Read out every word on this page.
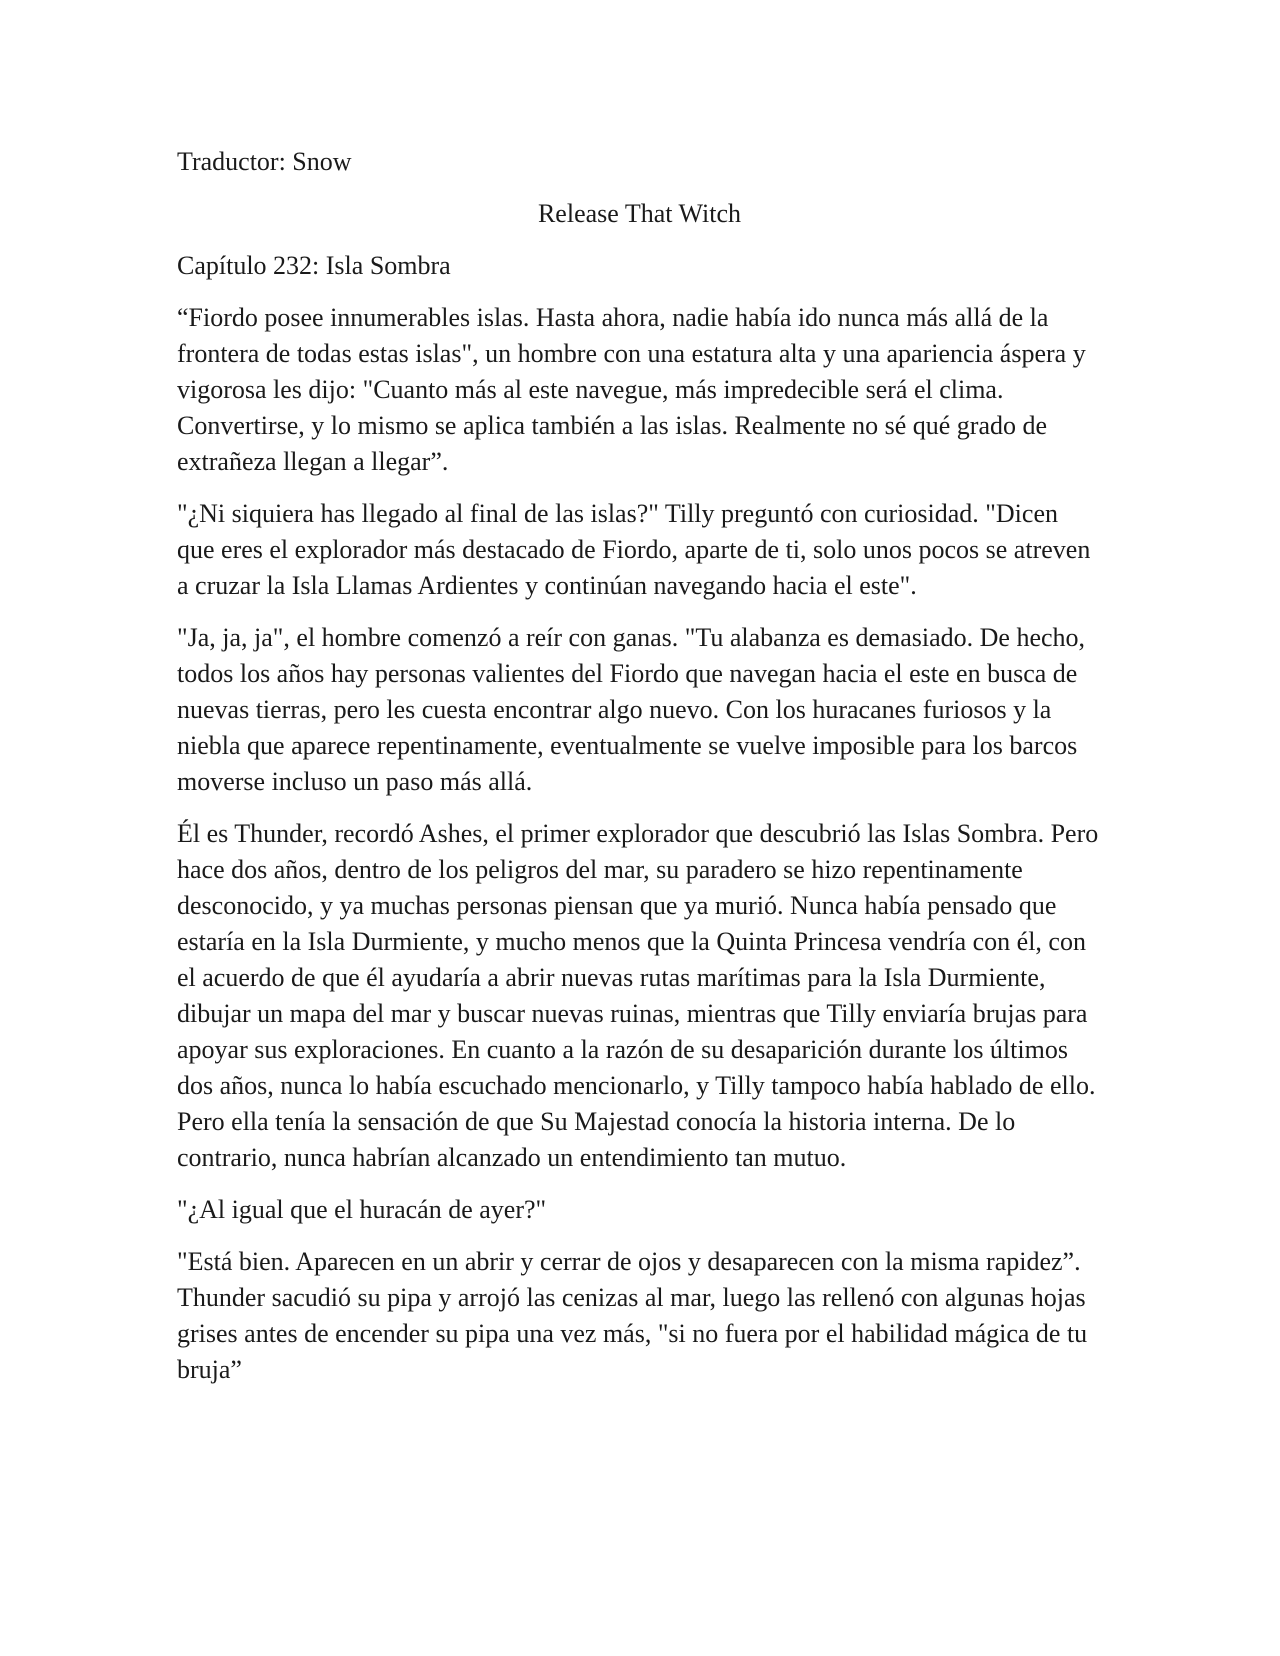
Traductor: Snow

Release That Witch

Capítulo 232: Isla Sombra

“Fiordo posee innumerables islas. Hasta ahora, nadie había ido nunca más allá de la frontera de todas estas islas", un hombre con una estatura alta y una apariencia áspera y vigorosa les dijo: "Cuanto más al este navegue, más impredecible será el clima. Convertirse, y lo mismo se aplica también a las islas. Realmente no sé qué grado de extrañeza llegan a llegar”.

"¿Ni siquiera has llegado al final de las islas?" Tilly preguntó con curiosidad. "Dicen que eres el explorador más destacado de Fiordo, aparte de ti, solo unos pocos se atreven a cruzar la Isla Llamas Ardientes y continúan navegando hacia el este".

"Ja, ja, ja", el hombre comenzó a reír con ganas. "Tu alabanza es demasiado. De hecho, todos los años hay personas valientes del Fiordo que navegan hacia el este en busca de nuevas tierras, pero les cuesta encontrar algo nuevo. Con los huracanes furiosos y la niebla que aparece repentinamente, eventualmente se vuelve imposible para los barcos moverse incluso un paso más allá.

Él es Thunder, recordó Ashes, el primer explorador que descubrió las Islas Sombra. Pero hace dos años, dentro de los peligros del mar, su paradero se hizo repentinamente desconocido, y ya muchas personas piensan que ya murió. Nunca había pensado que estaría en la Isla Durmiente, y mucho menos que la Quinta Princesa vendría con él, con el acuerdo de que él ayudaría a abrir nuevas rutas marítimas para la Isla Durmiente, dibujar un mapa del mar y buscar nuevas ruinas, mientras que Tilly enviaría brujas para apoyar sus exploraciones. En cuanto a la razón de su desaparición durante los últimos dos años, nunca lo había escuchado mencionarlo, y Tilly tampoco había hablado de ello. Pero ella tenía la sensación de que Su Majestad conocía la historia interna. De lo contrario, nunca habrían alcanzado un entendimiento tan mutuo.

"¿Al igual que el huracán de ayer?"

"Está bien. Aparecen en un abrir y cerrar de ojos y desaparecen con la misma rapidez”. Thunder sacudió su pipa y arrojó las cenizas al mar, luego las rellenó con algunas hojas grises antes de encender su pipa una vez más, "si no fuera por el habilidad mágica de tu bruja”
